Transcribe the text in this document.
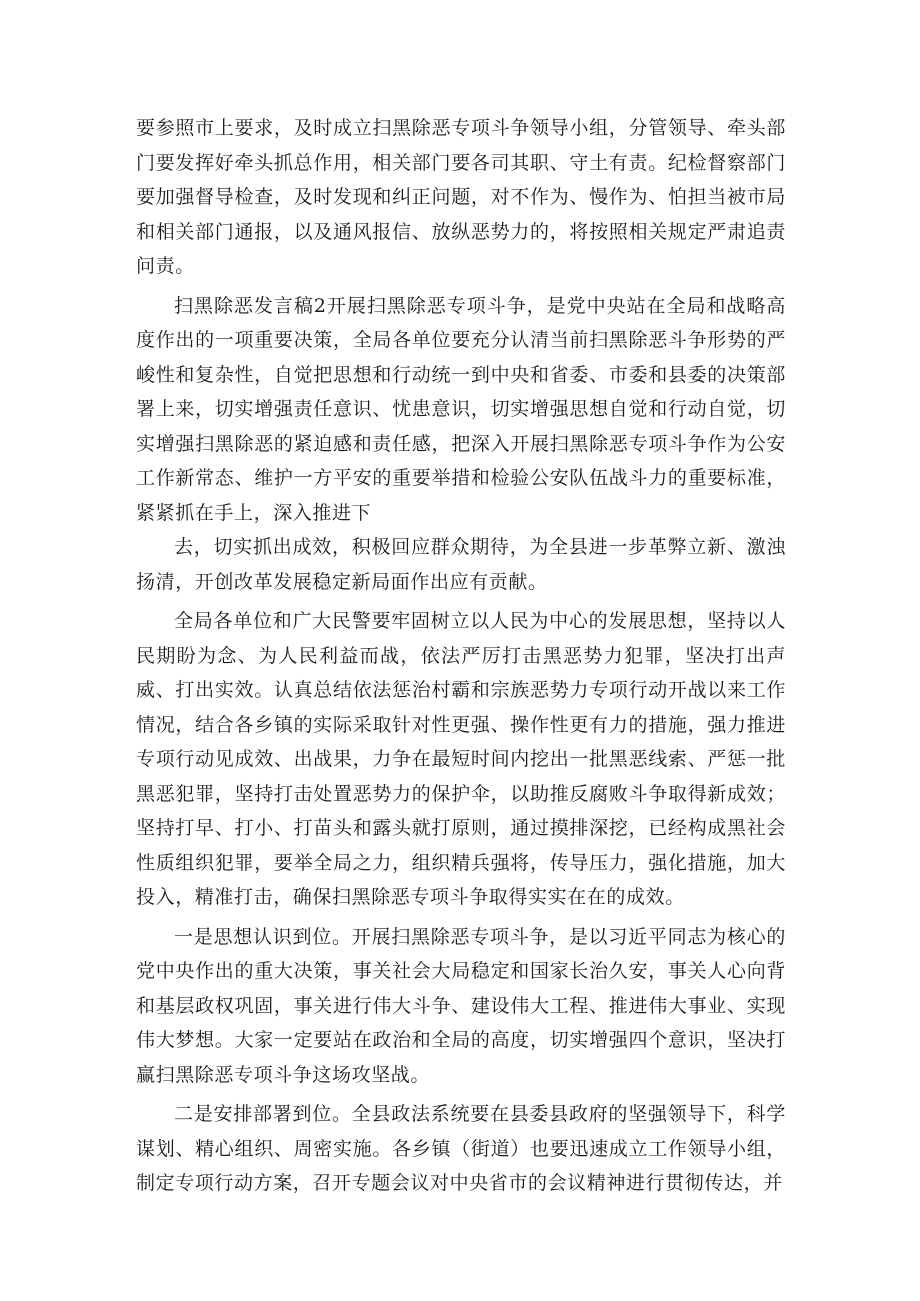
要参照市上要求，及时成立扫黑除恶专项斗争领导小组，分管领导、牵头部门要发挥好牵头抓总作用，相关部门要各司其职、守土有责。纪检督察部门要加强督导检查，及时发现和纠正问题，对不作为、慢作为、怕担当被市局和相关部门通报，以及通风报信、放纵恶势力的，将按照相关规定严肃追责问责。

扫黑除恶发言稿2开展扫黑除恶专项斗争，是党中央站在全局和战略高度作出的一项重要决策，全局各单位要充分认清当前扫黑除恶斗争形势的严峻性和复杂性，自觉把思想和行动统一到中央和省委、市委和县委的决策部署上来，切实增强责任意识、忧患意识，切实增强思想自觉和行动自觉，切实增强扫黑除恶的紧迫感和责任感，把深入开展扫黑除恶专项斗争作为公安工作新常态、维护一方平安的重要举措和检验公安队伍战斗力的重要标准，紧紧抓在手上，深入推进下

去，切实抓出成效，积极回应群众期待，为全县进一步革弊立新、激浊扬清，开创改革发展稳定新局面作出应有贡献。

全局各单位和广大民警要牢固树立以人民为中心的发展思想，坚持以人民期盼为念、为人民利益而战，依法严厉打击黑恶势力犯罪，坚决打出声威、打出实效。认真总结依法惩治村霸和宗族恶势力专项行动开战以来工作情况，结合各乡镇的实际采取针对性更强、操作性更有力的措施，强力推进专项行动见成效、出战果，力争在最短时间内挖出一批黑恶线索、严惩一批黑恶犯罪，坚持打击处置恶势力的保护伞，以助推反腐败斗争取得新成效；坚持打早、打小、打苗头和露头就打原则，通过摸排深挖，已经构成黑社会性质组织犯罪，要举全局之力，组织精兵强将，传导压力，强化措施，加大投入，精准打击，确保扫黑除恶专项斗争取得实实在在的成效。

一是思想认识到位。开展扫黑除恶专项斗争，是以习近平同志为核心的党中央作出的重大决策，事关社会大局稳定和国家长治久安，事关人心向背和基层政权巩固，事关进行伟大斗争、建设伟大工程、推进伟大事业、实现伟大梦想。大家一定要站在政治和全局的高度，切实增强四个意识，坚决打赢扫黑除恶专项斗争这场攻坚战。

二是安排部署到位。全县政法系统要在县委县政府的坚强领导下，科学谋划、精心组织、周密实施。各乡镇（街道）也要迅速成立工作领导小组，制定专项行动方案，召开专题会议对中央省市的会议精神进行贯彻传达，并
